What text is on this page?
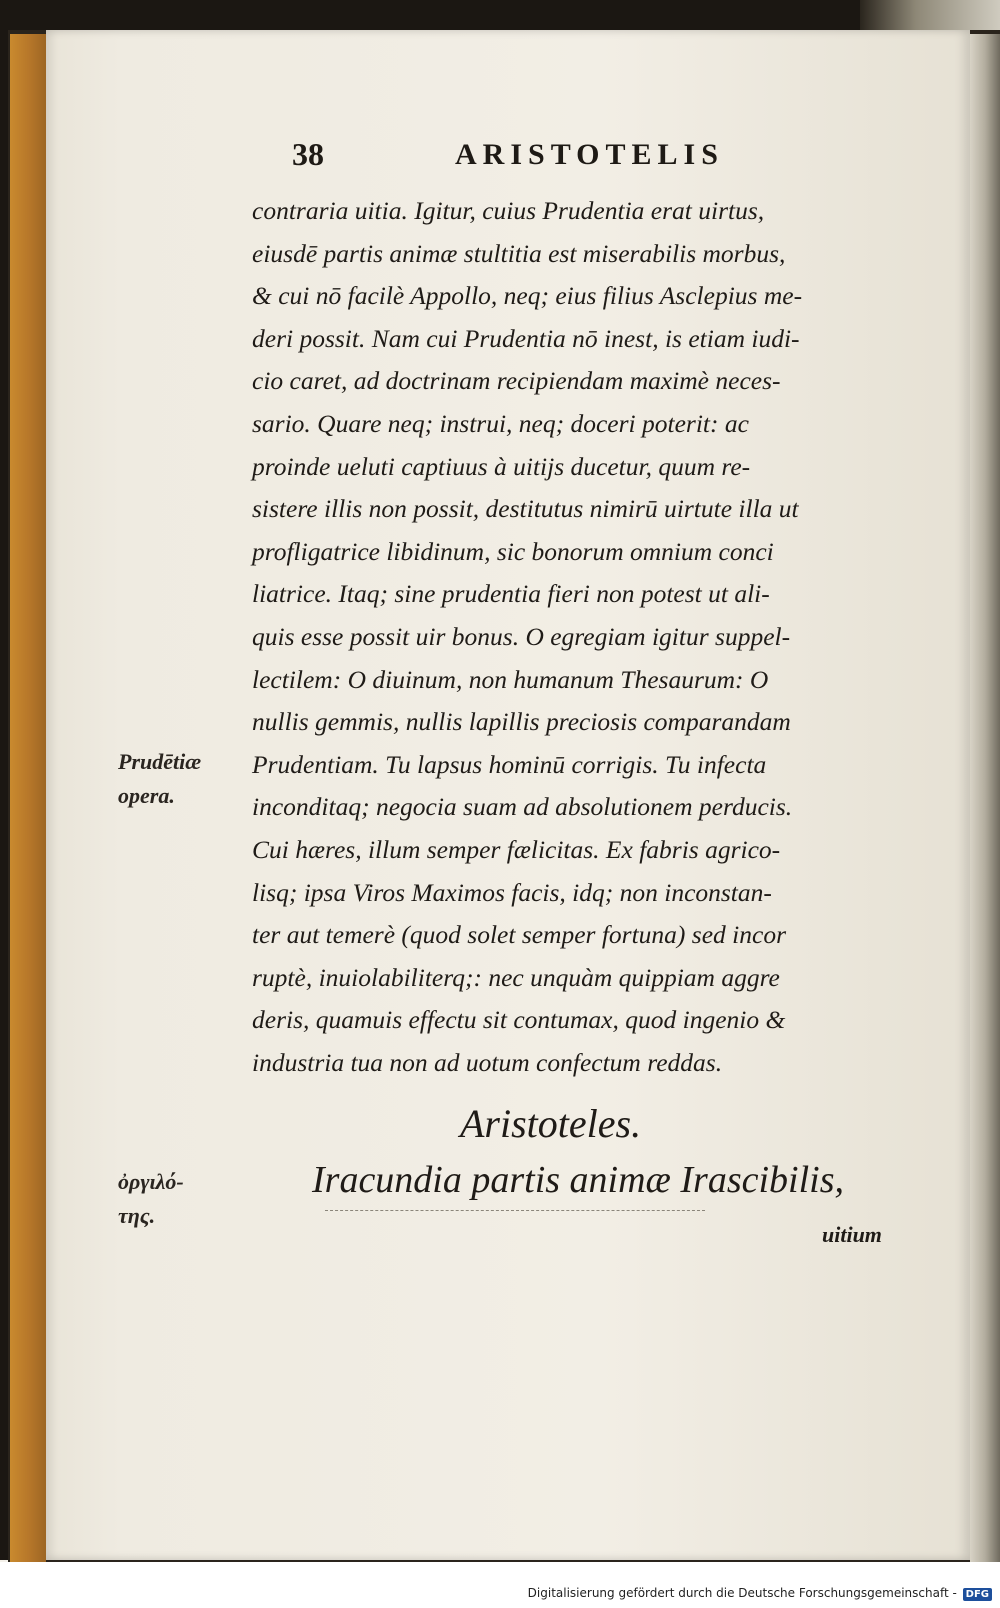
38	ARISTOTELIS
contraria uitia. Igitur, cuius Prudentia erat uirtus,
eiusdē partis animæ stultitia est miserabilis morbus,
& cui nō facilè Appollo, neq; eius filius Asclepius me-
deri possit. Nam cui Prudentia nō inest, is etiam iudi-
cio caret, ad doctrinam recipiendam maximè neces-
sario. Quare neq; instrui, neq; doceri poterit: ac
proinde ueluti captiuus à uitijs ducetur, quum re-
sistere illis non possit, destitutus nimirū uirtute illa ut
profligatrice libidinum, sic bonorum omnium conci
liatrice. Itaq; sine prudentia fieri non potest ut ali-
quis esse possit uir bonus. O egregiam igitur suppel-
lectilem: O diuinum, non humanum Thesaurum: O
nullis gemmis, nullis lapillis preciosis comparandam
Prudentiam. Tu lapsus hominū corrigis. Tu infecta
inconditaq; negocia suam ad absolutionem perducis.
Cui hæres, illum semper fælicitas. Ex fabris agrico-
lisq; ipsa Viros Maximos facis, idq; non inconstan-
ter aut temerè (quod solet semper fortuna) sed incor
ruptè, inuiolabiliterq;: nec unquàm quippiam aggre
deris, quamuis effectu sit contumax, quod ingenio &
industria tua non ad uotum confectum reddas.
Prudētiæ
opera.
Aristoteles.
Iracundia partis animæ Irascibilis,
ὀργιλό-
της.
uitium
Digitalisierung gefördert durch die Deutsche Forschungsgemeinschaft - DFG
